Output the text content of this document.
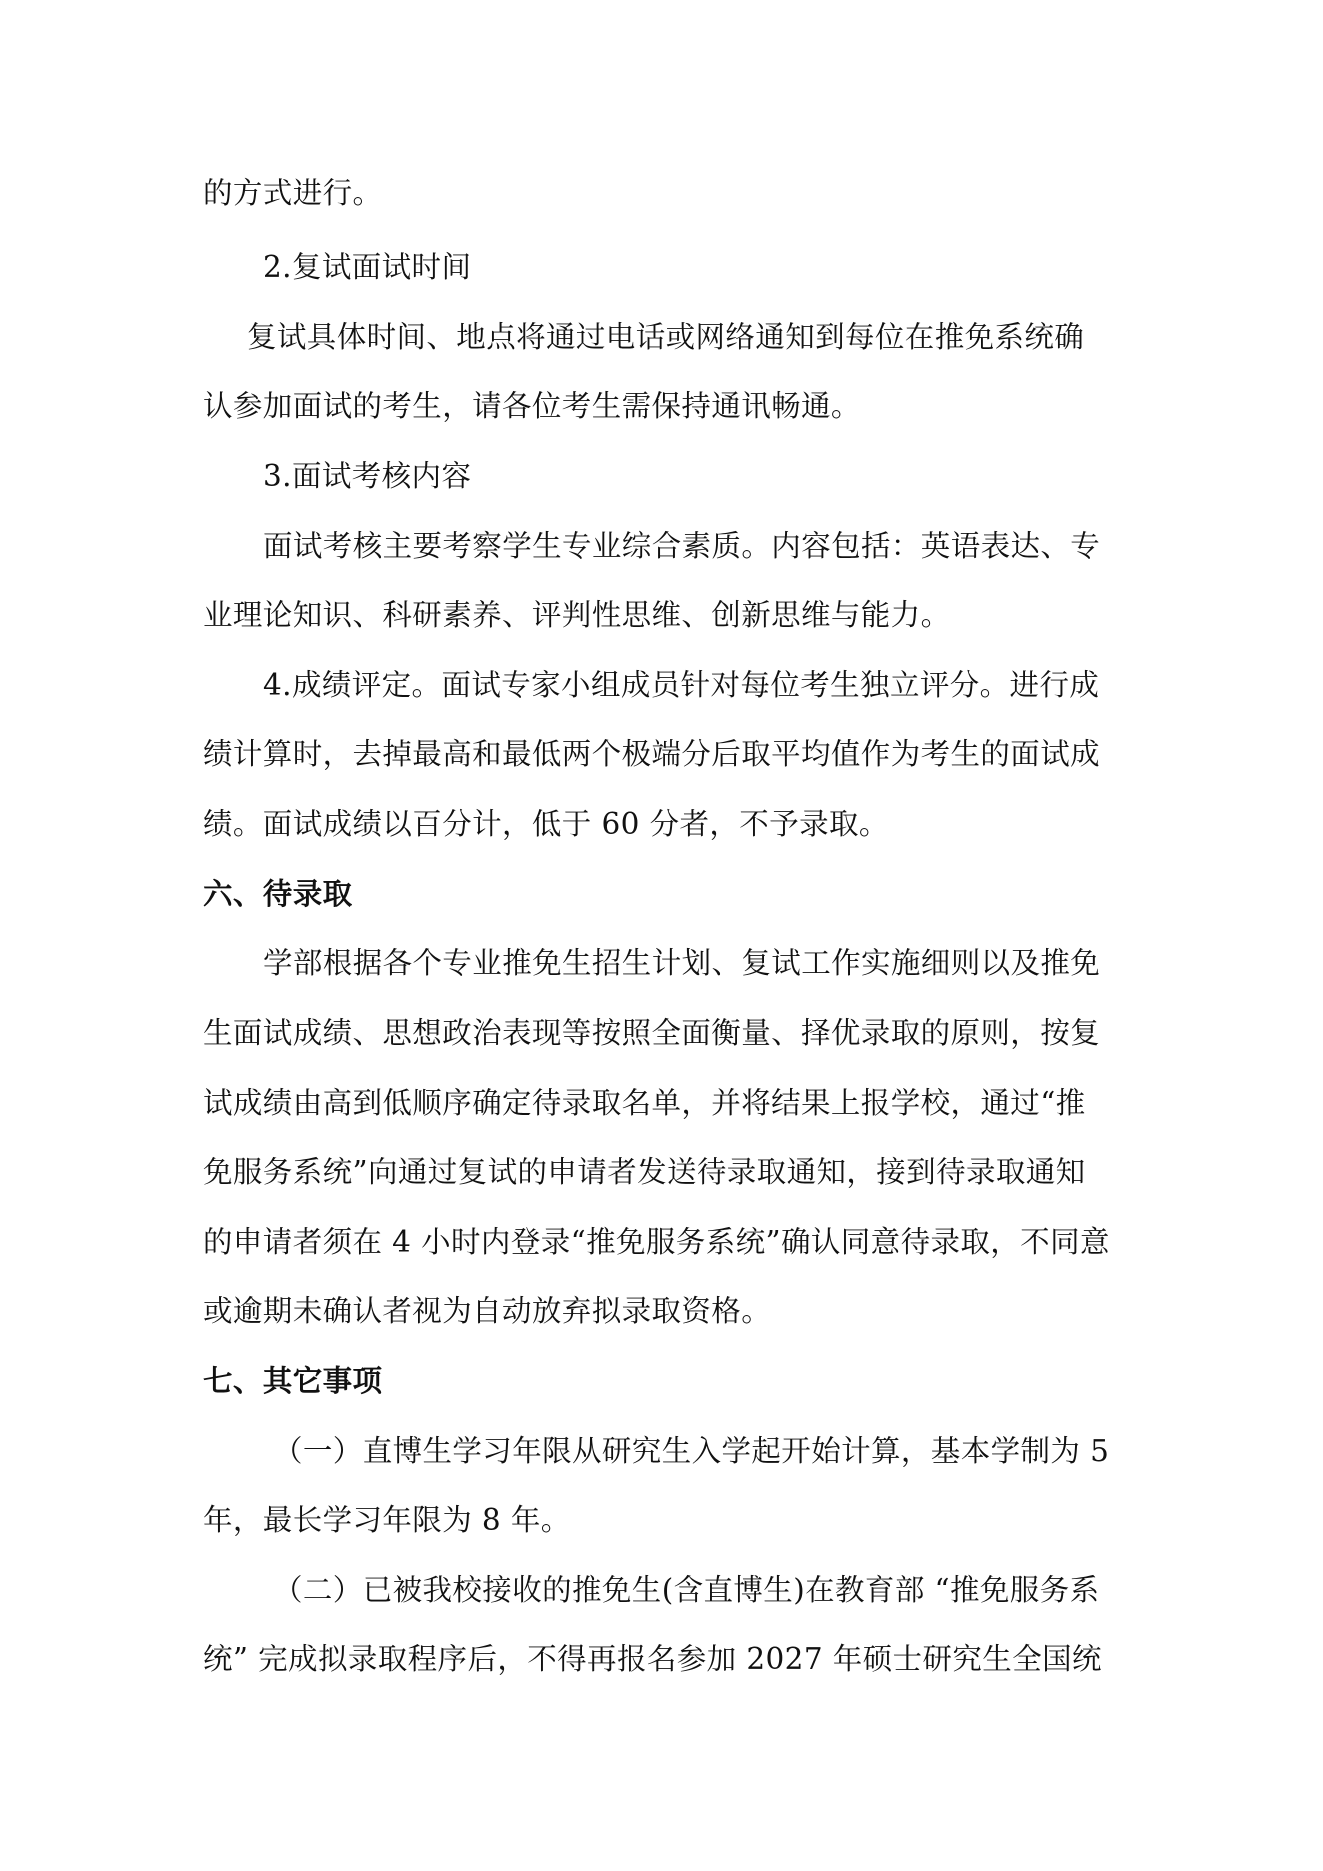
的方式进行。
2.复试面试时间
复试具体时间、地点将通过电话或网络通知到每位在推免系统确
认参加面试的考生，请各位考生需保持通讯畅通。
3.面试考核内容
面试考核主要考察学生专业综合素质。内容包括：英语表达、专
业理论知识、科研素养、评判性思维、创新思维与能力。
4.成绩评定。面试专家小组成员针对每位考生独立评分。进行成
绩计算时，去掉最高和最低两个极端分后取平均值作为考生的面试成
绩。面试成绩以百分计，低于 60 分者，不予录取。
六、待录取
学部根据各个专业推免生招生计划、复试工作实施细则以及推免
生面试成绩、思想政治表现等按照全面衡量、择优录取的原则，按复
试成绩由高到低顺序确定待录取名单，并将结果上报学校，通过“推
免服务系统”向通过复试的申请者发送待录取通知，接到待录取通知
的申请者须在 4 小时内登录“推免服务系统”确认同意待录取，不同意
或逾期未确认者视为自动放弃拟录取资格。
七、其它事项
（一）直博生学习年限从研究生入学起开始计算，基本学制为 5
年，最长学习年限为 8 年。
（二）已被我校接收的推免生(含直博生)在教育部 “推免服务系
统” 完成拟录取程序后，不得再报名参加 2027 年硕士研究生全国统
